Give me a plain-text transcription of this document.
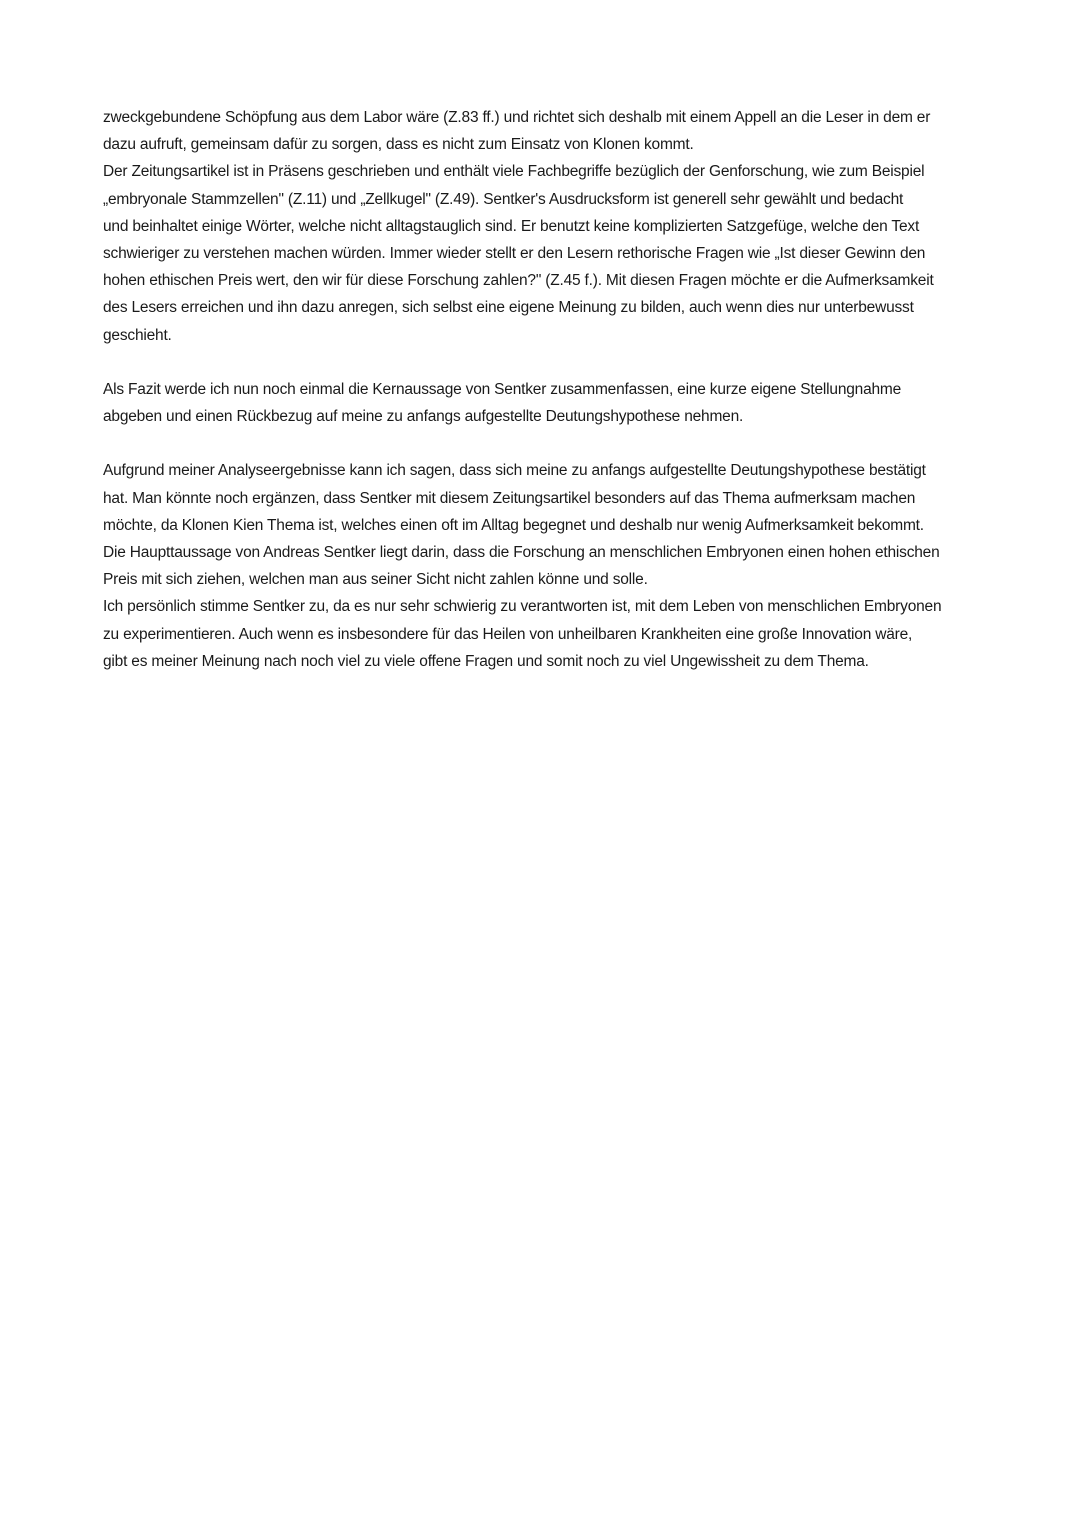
zweckgebundene Schöpfung aus dem Labor wäre (Z.83 ff.) und richtet sich deshalb mit einem Appell an die Leser in dem er
dazu aufruft, gemeinsam dafür zu sorgen, dass es nicht zum Einsatz von Klonen kommt.
Der Zeitungsartikel ist in Präsens geschrieben und enthält viele Fachbegriffe bezüglich der Genforschung, wie zum Beispiel
„embryonale Stammzellen" (Z.11) und „Zellkugel" (Z.49). Sentker's Ausdrucksform ist generell sehr gewählt und bedacht
und beinhaltet einige Wörter, welche nicht alltagstauglich sind. Er benutzt keine komplizierten Satzgefüge, welche den Text
schwieriger zu verstehen machen würden. Immer wieder stellt er den Lesern rethorische Fragen wie „Ist dieser Gewinn den
hohen ethischen Preis wert, den wir für diese Forschung zahlen?" (Z.45 f.). Mit diesen Fragen möchte er die Aufmerksamkeit
des Lesers erreichen und ihn dazu anregen, sich selbst eine eigene Meinung zu bilden, auch wenn dies nur unterbewusst
geschieht.
Als Fazit werde ich nun noch einmal die Kernaussage von Sentker zusammenfassen, eine kurze eigene Stellungnahme
abgeben und einen Rückbezug auf meine zu anfangs aufgestellte Deutungshypothese nehmen.
Aufgrund meiner Analyseergebnisse kann ich sagen, dass sich meine zu anfangs aufgestellte Deutungshypothese bestätigt
hat. Man könnte noch ergänzen, dass Sentker mit diesem Zeitungsartikel besonders auf das Thema aufmerksam machen
möchte, da Klonen Kien Thema ist, welches einen oft im Alltag begegnet und deshalb nur wenig Aufmerksamkeit bekommt.
Die Haupttaussage von Andreas Sentker liegt darin, dass die Forschung an menschlichen Embryonen einen hohen ethischen
Preis mit sich ziehen, welchen man aus seiner Sicht nicht zahlen könne und solle.
Ich persönlich stimme Sentker zu, da es nur sehr schwierig zu verantworten ist, mit dem Leben von menschlichen Embryonen
zu experimentieren. Auch wenn es insbesondere für das Heilen von unheilbaren Krankheiten eine große Innovation wäre,
gibt es meiner Meinung nach noch viel zu viele offene Fragen und somit noch zu viel Ungewissheit zu dem Thema.
